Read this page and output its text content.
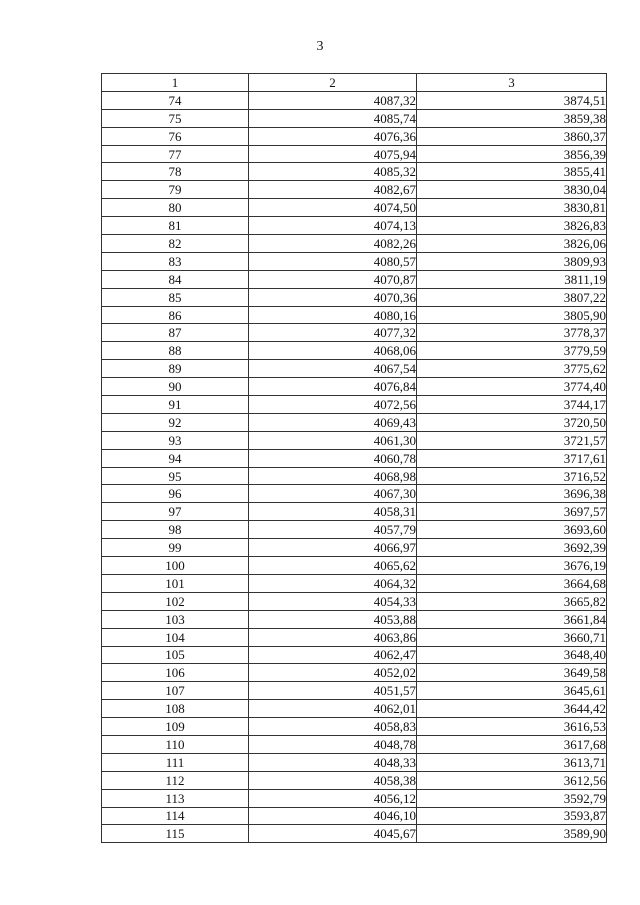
3
1	2	3
74	4087,32	3874,51
75	4085,74	3859,38
76	4076,36	3860,37
77	4075,94	3856,39
78	4085,32	3855,41
79	4082,67	3830,04
80	4074,50	3830,81
81	4074,13	3826,83
82	4082,26	3826,06
83	4080,57	3809,93
84	4070,87	3811,19
85	4070,36	3807,22
86	4080,16	3805,90
87	4077,32	3778,37
88	4068,06	3779,59
89	4067,54	3775,62
90	4076,84	3774,40
91	4072,56	3744,17
92	4069,43	3720,50
93	4061,30	3721,57
94	4060,78	3717,61
95	4068,98	3716,52
96	4067,30	3696,38
97	4058,31	3697,57
98	4057,79	3693,60
99	4066,97	3692,39
100	4065,62	3676,19
101	4064,32	3664,68
102	4054,33	3665,82
103	4053,88	3661,84
104	4063,86	3660,71
105	4062,47	3648,40
106	4052,02	3649,58
107	4051,57	3645,61
108	4062,01	3644,42
109	4058,83	3616,53
110	4048,78	3617,68
111	4048,33	3613,71
112	4058,38	3612,56
113	4056,12	3592,79
114	4046,10	3593,87
115	4045,67	3589,90
